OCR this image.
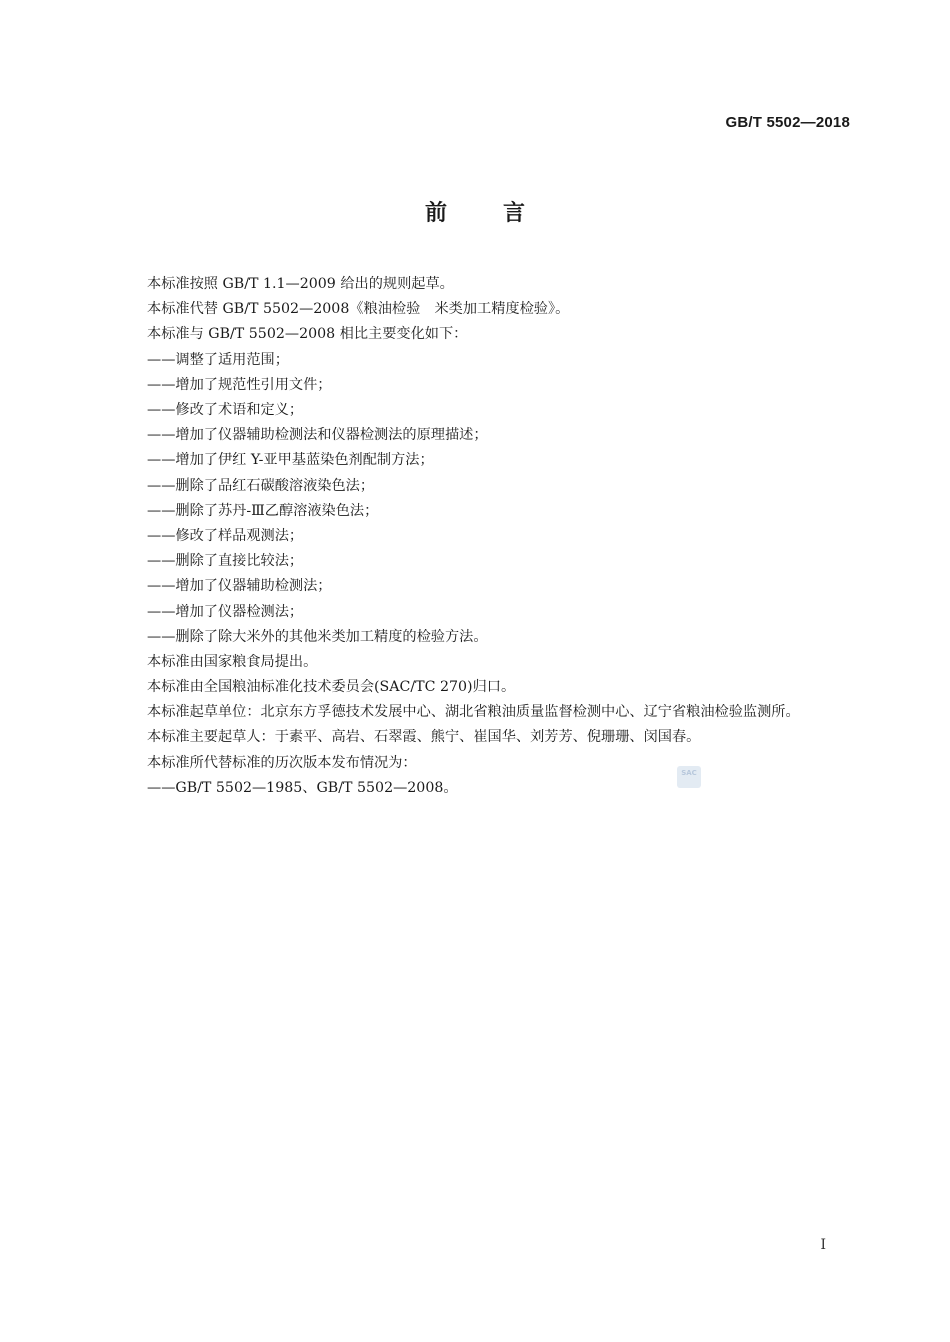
GB/T 5502—2018
前言

本标准按照 GB/T 1.1—2009 给出的规则起草。

本标准代替 GB/T 5502—2008《粮油检验　米类加工精度检验》。

本标准与 GB/T 5502—2008 相比主要变化如下：

——调整了适用范围；

——增加了规范性引用文件；

——修改了术语和定义；

——增加了仪器辅助检测法和仪器检测法的原理描述；

——增加了伊红 Y-亚甲基蓝染色剂配制方法；

——删除了品红石碳酸溶液染色法；

——删除了苏丹-Ⅲ乙醇溶液染色法；

——修改了样品观测法；

——删除了直接比较法；

——增加了仪器辅助检测法；

——增加了仪器检测法；

——删除了除大米外的其他米类加工精度的检验方法。

本标准由国家粮食局提出。

本标准由全国粮油标准化技术委员会(SAC/TC 270)归口。

本标准起草单位：北京东方孚德技术发展中心、湖北省粮油质量监督检测中心、辽宁省粮油检验监测所。

本标准主要起草人：于素平、高岩、石翠霞、熊宁、崔国华、刘芳芳、倪珊珊、闵国春。

本标准所代替标准的历次版本发布情况为：

——GB/T 5502—1985、GB/T 5502—2008。

SAC
I
